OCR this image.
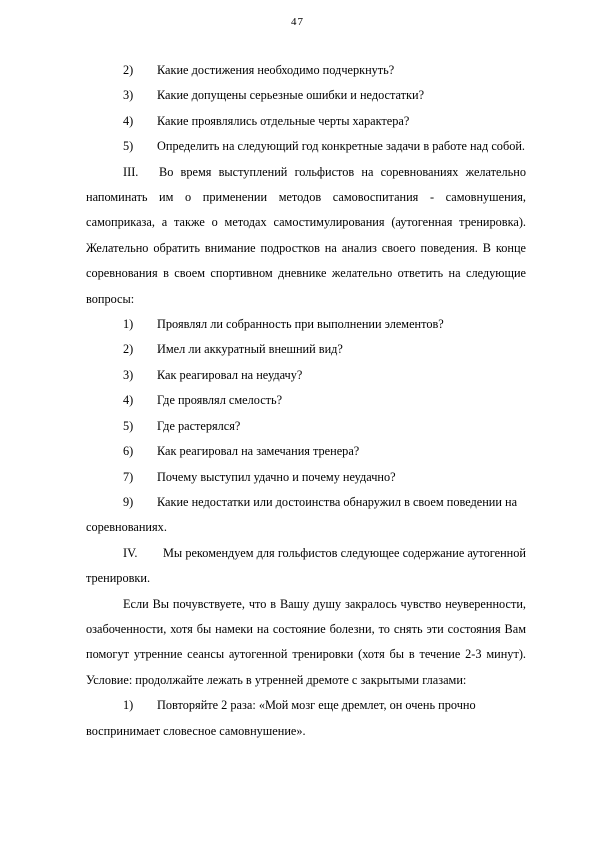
47
2)	Какие достижения необходимо подчеркнуть?
3)	Какие допущены серьезные ошибки и недостатки?
4)	Какие проявлялись отдельные черты характера?
5) Определить на следующий год конкретные задачи в работе над собой.
III. Во время выступлений гольфистов на соревнованиях желательно напоминать им о применении методов самовоспитания - самовнушения, самоприказа, а также о методах самостимулирования (аутогенная тренировка). Желательно обратить внимание подростков на анализ своего поведения. В конце соревнования в своем спортивном дневнике желательно ответить на следующие вопросы:
1)	Проявлял ли собранность при выполнении элементов?
2)	Имел ли аккуратный внешний вид?
3)	Как реагировал на неудачу?
4)	Где проявлял смелость?
5)	Где растерялся?
6)	Как реагировал на замечания тренера?
7)	Почему выступил удачно и почему неудачно?
9) Какие недостатки или достоинства обнаружил в своем поведении на соревнованиях.
IV. Мы рекомендуем для гольфистов следующее содержание аутогенной тренировки.
Если Вы почувствуете, что в Вашу душу закралось чувство неуверенности, озабоченности, хотя бы намеки на состояние болезни, то снять эти состояния Вам помогут утренние сеансы аутогенной тренировки (хотя бы в течение 2-3 минут). Условие: продолжайте лежать в утренней дремоте с закрытыми глазами:
1) Повторяйте 2 раза: «Мой мозг еще дремлет, он очень прочно воспринимает словесное самовнушение».
